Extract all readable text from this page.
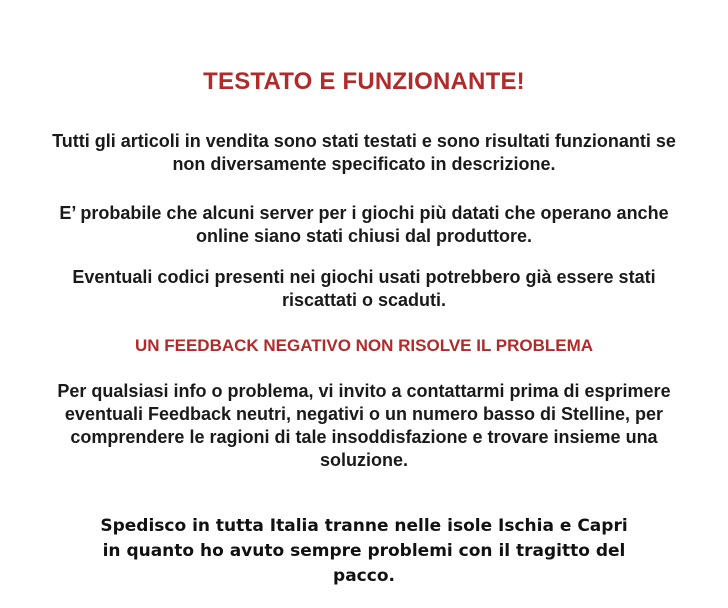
TESTATO E FUNZIONANTE!
Tutti gli articoli in vendita sono stati testati e sono risultati funzionanti se non diversamente specificato in descrizione.
E’ probabile che alcuni server per i giochi più datati che operano anche online siano stati chiusi dal produttore.
Eventuali codici presenti nei giochi usati potrebbero già essere stati riscattati o scaduti.
UN FEEDBACK NEGATIVO NON RISOLVE IL PROBLEMA
Per qualsiasi info o problema, vi invito a contattarmi prima di esprimere eventuali Feedback neutri, negativi o un numero basso di Stelline, per comprendere le ragioni di tale insoddisfazione e trovare insieme una soluzione.
Spedisco in tutta Italia tranne nelle isole Ischia e Capri in quanto ho avuto sempre problemi con il tragitto del pacco.
